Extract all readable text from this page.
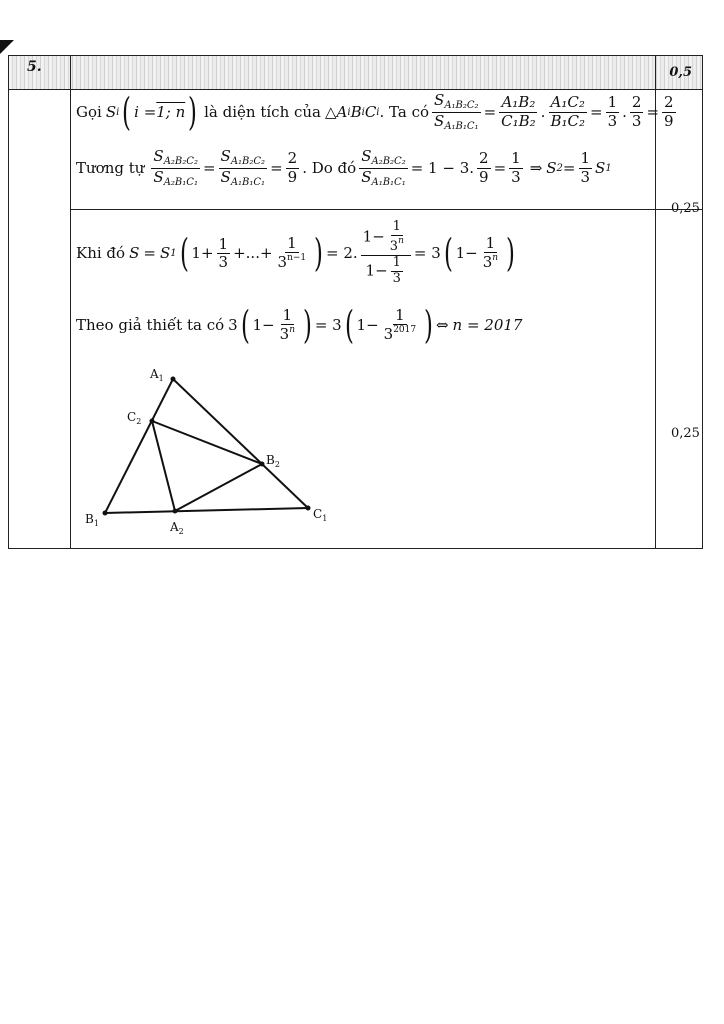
5.	0,5
0,25
0,25
Gọi S i ( i = 1; n ) là diện tích của △A i B i C i . Ta có $\frac{S_{A_1B_2C_2}}{S_{A_1B_1C_1}} = \frac{\text{A₁B₂}}{\text{C₁B₂}}$ . $\frac{\text{A₁C₂}}{\text{B₁C₂}} = \frac{1}{3}$ . $\frac{2}{3} = \frac{2}{9}$
Tương tự $\frac{S_{A_2B_2C_2}}{S_{A_2B_1C_1}} = \frac{S_{A_1B_2C_2}}{S_{A_1B_1C_1}} = \frac{2}{9}$ . Do đó $\frac{S_{A_2B_2C_2}}{S_{A_1B_1C_1}} = 1 - 3$. $\frac{2}{9} = \frac{1}{3}$ ⇒ S $2 = \frac{1}{3}$ S 1
Khi đó S = S 1 ( $1+ \frac{1}{3}$ +...+ $\frac{1}{3^{n-1}}$ ) = 2. $\frac{1- \frac{1}{3^n}}{1- \frac{1}{3}} = 3$ ( $1- \frac{1}{3^n}$ )
Theo giả thiết ta có 3 ( $1- \frac{1}{3^n}$ ) = 3 ( $1- \frac{1}{3^{2017}}$ ) ⇔ n = 2017
$A_1$
$C_2$
$B_2$
$B_1$
$C_1$
$A_2$
